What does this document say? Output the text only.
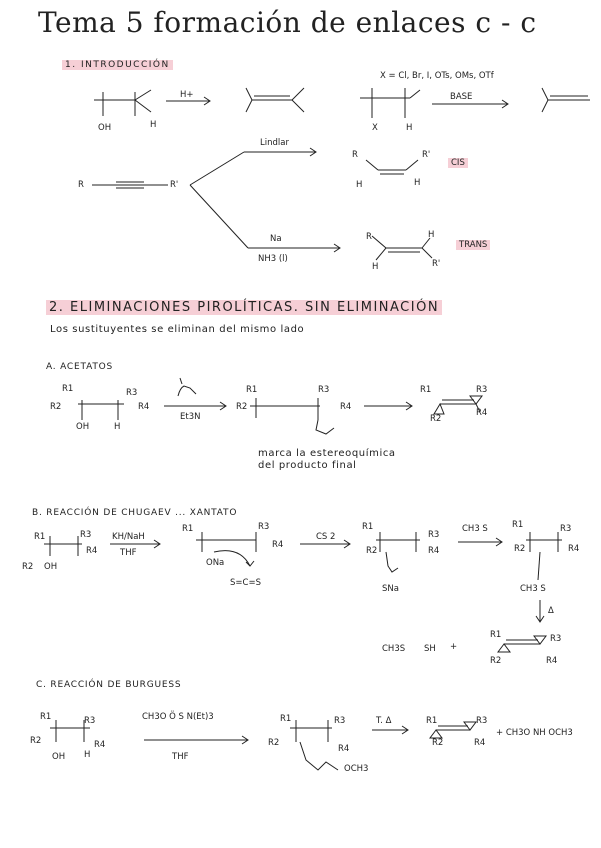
Tema 5 formación de enlaces c - c
1. INTRODUCCIÓN
X = Cl, Br, I, OTs, OMs, OTf
OH	H
H+
X	H
BASE
R	R'
Lindlar
R	R'
H	H
CIS
Na
NH3 (l)
R	H
H	R'
TRANS
2. ELIMINACIONES PIROLÍTICAS. SIN ELIMINACIÓN
Los sustituyentes se eliminan del mismo lado
A. ACETATOS
R1
R2
R3
R4
OH	H
Et3N
R1
R2
R3
R4
R1
R2
R3
R4
marca la estereoquímica
del producto final
B. REACCIÓN DE CHUGAEV ... XANTATO
R1	R3
R4
R2 OH
KH/NaH
THF
R1	R3
R4
ONa
S=C=S
CS 2
R1
R3
R4
R2
SNa
CH3 S	R1	R3
R4
R2
CH3 S
Δ
CH3S SH +
R1	R3
R2	R4
C. REACCIÓN DE BURGUESS
R1	R3
R2	R4
OH H
CH3O Ö S N(Et)3
THF
R1	R3
R2
R4
OCH3
T. Δ	R1	R3
R2	R4
+ CH3O NH OCH3
